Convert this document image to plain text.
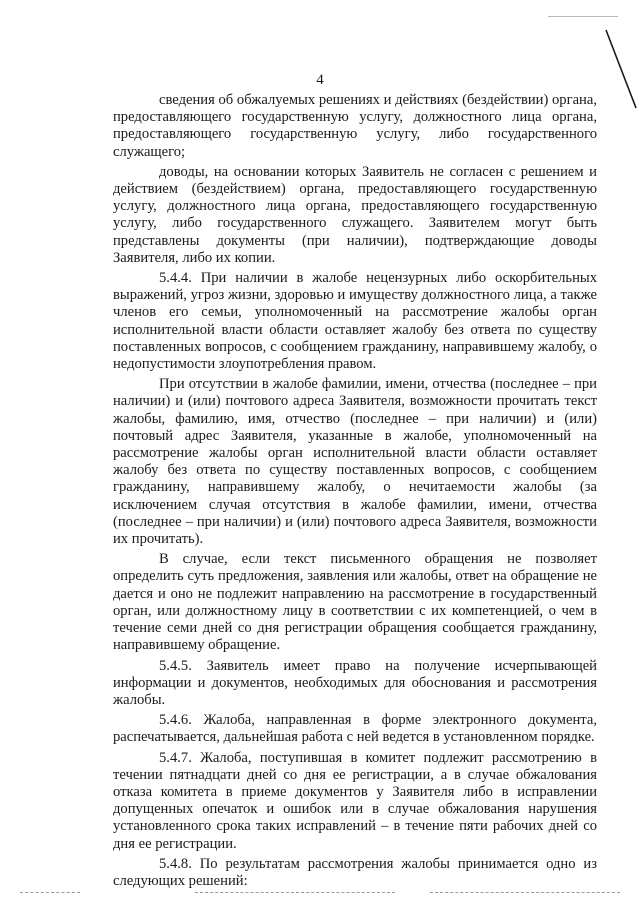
4

сведения об обжалуемых решениях и действиях (бездействии) органа, предоставляющего государственную услугу, должностного лица органа, предоставляющего государственную услугу, либо государственного служащего;

доводы, на основании которых Заявитель не согласен с решением и действием (бездействием) органа, предоставляющего государственную услугу, должностного лица органа, предоставляющего государственную услугу, либо государственного служащего. Заявителем могут быть представлены документы (при наличии), подтверждающие доводы Заявителя, либо их копии.

5.4.4. При наличии в жалобе нецензурных либо оскорбительных выражений, угроз жизни, здоровью и имуществу должностного лица, а также членов его семьи, уполномоченный на рассмотрение жалобы орган исполнительной власти области оставляет жалобу без ответа по существу поставленных вопросов, с сообщением гражданину, направившему жалобу, о недопустимости злоупотребления правом.

При отсутствии в жалобе фамилии, имени, отчества (последнее – при наличии) и (или) почтового адреса Заявителя, возможности прочитать текст жалобы, фамилию, имя, отчество (последнее – при наличии) и (или) почтовый адрес Заявителя, указанные в жалобе, уполномоченный на рассмотрение жалобы орган исполнительной власти области оставляет жалобу без ответа по существу поставленных вопросов, с сообщением гражданину, направившему жалобу, о нечитаемости жалобы (за исключением случая отсутствия в жалобе фамилии, имени, отчества (последнее – при наличии) и (или) почтового адреса Заявителя, возможности их прочитать).

В случае, если текст письменного обращения не позволяет определить суть предложения, заявления или жалобы, ответ на обращение не дается и оно не подлежит направлению на рассмотрение в государственный орган, или должностному лицу в соответствии с их компетенцией, о чем в течение семи дней со дня регистрации обращения сообщается гражданину, направившему обращение.

5.4.5. Заявитель имеет право на получение исчерпывающей информации и документов, необходимых для обоснования и рассмотрения жалобы.

5.4.6. Жалоба, направленная в форме электронного документа, распечатывается, дальнейшая работа с ней ведется в установленном порядке.

5.4.7. Жалоба, поступившая в комитет подлежит рассмотрению в течении пятнадцати дней со дня ее регистрации, а в случае обжалования отказа комитета в приеме документов у Заявителя либо в исправлении допущенных опечаток и ошибок или в случае обжалования нарушения установленного срока таких исправлений – в течение пяти рабочих дней со дня ее регистрации.

5.4.8. По результатам рассмотрения жалобы принимается одно из следующих решений:
